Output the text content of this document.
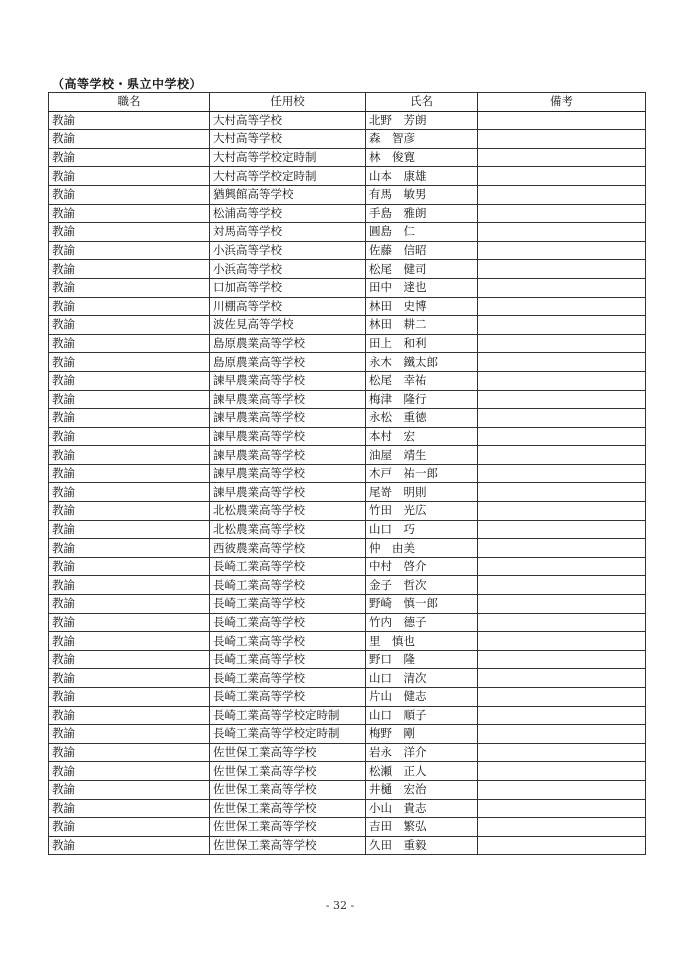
（高等学校・県立中学校）
職名	任用校	氏名	備考
教諭	大村高等学校	北野　芳朗	
教諭	大村高等学校	森　智彦	
教諭	大村高等学校定時制	林　俊寛	
教諭	大村高等学校定時制	山本　康雄	
教諭	猶興館高等学校	有馬　敏男	
教諭	松浦高等学校	手島　雅朗	
教諭	対馬高等学校	圓島　仁	
教諭	小浜高等学校	佐藤　信昭	
教諭	小浜高等学校	松尾　健司	
教諭	口加高等学校	田中　達也	
教諭	川棚高等学校	林田　史博	
教諭	波佐見高等学校	林田　耕二	
教諭	島原農業高等学校	田上　和利	
教諭	島原農業高等学校	永木　鐵太郎	
教諭	諫早農業高等学校	松尾　幸祐	
教諭	諫早農業高等学校	梅津　隆行	
教諭	諫早農業高等学校	永松　重徳	
教諭	諫早農業高等学校	本村　宏	
教諭	諫早農業高等学校	油屋　靖生	
教諭	諫早農業高等学校	木戸　祐一郎	
教諭	諫早農業高等学校	尾嵜　明則	
教諭	北松農業高等学校	竹田　光広	
教諭	北松農業高等学校	山口　巧	
教諭	西彼農業高等学校	仲　由美	
教諭	長崎工業高等学校	中村　啓介	
教諭	長崎工業高等学校	金子　哲次	
教諭	長崎工業高等学校	野崎　慎一郎	
教諭	長崎工業高等学校	竹内　德子	
教諭	長崎工業高等学校	里　慎也	
教諭	長崎工業高等学校	野口　隆	
教諭	長崎工業高等学校	山口　清次	
教諭	長崎工業高等学校	片山　健志	
教諭	長崎工業高等学校定時制	山口　順子	
教諭	長崎工業高等学校定時制	梅野　剛	
教諭	佐世保工業高等学校	岩永　洋介	
教諭	佐世保工業高等学校	松瀬　正人	
教諭	佐世保工業高等学校	井樋　宏治	
教諭	佐世保工業高等学校	小山　貴志	
教諭	佐世保工業高等学校	吉田　繁弘	
教諭	佐世保工業高等学校	久田　重毅	
- 32 -
